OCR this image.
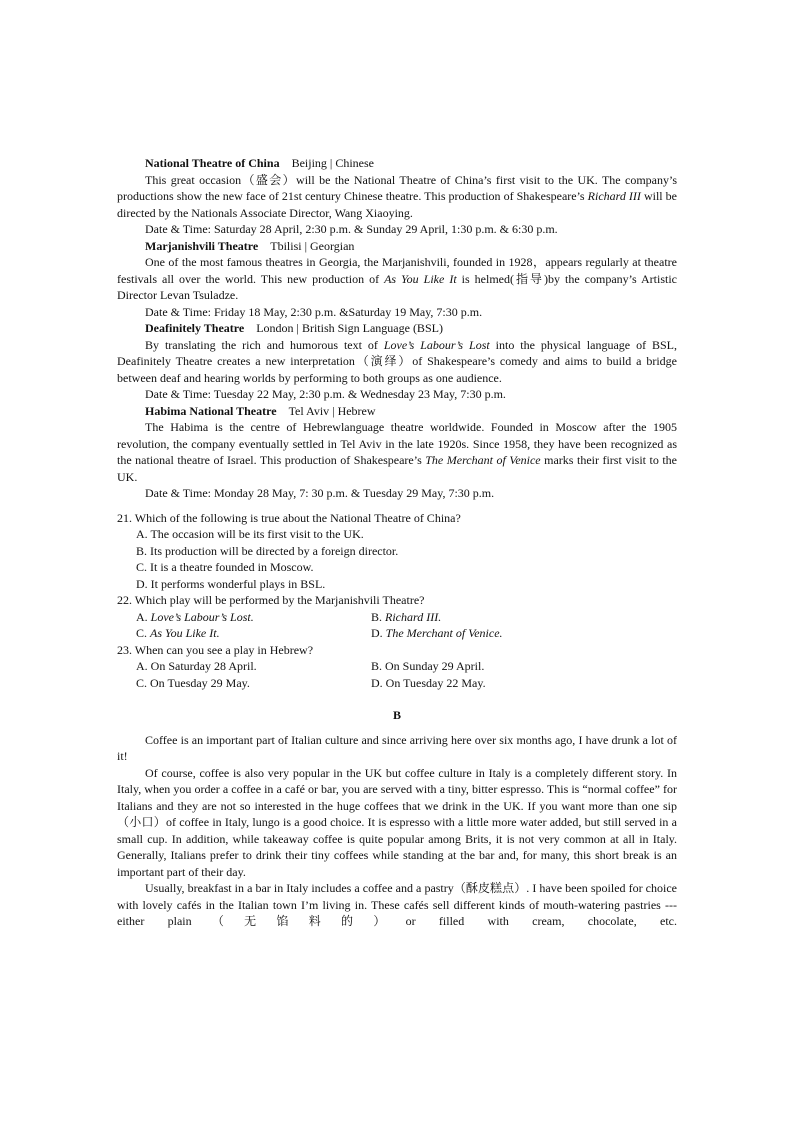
National Theatre of China Beijing | Chinese

This great occasion（盛会）will be the National Theatre of China’s first visit to the UK. The company’s productions show the new face of 21st century Chinese theatre. This production of Shakespeare’s Richard III will be directed by the Nationals Associate Director, Wang Xiaoying.

Date & Time: Saturday 28 April, 2:30 p.m. & Sunday 29 April, 1:30 p.m. & 6:30 p.m.

Marjanishvili Theatre Tbilisi | Georgian

One of the most famous theatres in Georgia, the Marjanishvili, founded in 1928，appears regularly at theatre festivals all over the world. This new production of As You Like It is helmed(指导)by the company’s Artistic Director Levan Tsuladze.

Date & Time: Friday 18 May, 2:30 p.m. &Saturday 19 May, 7:30 p.m.

Deafinitely Theatre London | British Sign Language (BSL)

By translating the rich and humorous text of Love’s Labour’s Lost into the physical language of BSL, Deafinitely Theatre creates a new interpretation（演绎）of Shakespeare’s comedy and aims to build a bridge between deaf and hearing worlds by performing to both groups as one audience.

Date & Time: Tuesday 22 May, 2:30 p.m. & Wednesday 23 May, 7:30 p.m.

Habima National Theatre Tel Aviv | Hebrew

The Habima is the centre of Hebrewlanguage theatre worldwide. Founded in Moscow after the 1905 revolution, the company eventually settled in Tel Aviv in the late 1920s. Since 1958, they have been recognized as the national theatre of Israel. This production of Shakespeare’s The Merchant of Venice marks their first visit to the UK.

Date & Time: Monday 28 May, 7: 30 p.m. & Tuesday 29 May, 7:30 p.m.

21. Which of the following is true about the National Theatre of China?

A. The occasion will be its first visit to the UK.

B. Its production will be directed by a foreign director.

C. It is a theatre founded in Moscow.

D. It performs wonderful plays in BSL.

22. Which play will be performed by the Marjanishvili Theatre?

A. Love’s Labour’s Lost.	B. Richard III.
C. As You Like It.	D. The Merchant of Venice.

23. When can you see a play in Hebrew?

A. On Saturday 28 April.	B. On Sunday 29 April.
C. On Tuesday 29 May.	D. On Tuesday 22 May.
B

Coffee is an important part of Italian culture and since arriving here over six months ago, I have drunk a lot of it!

Of course, coffee is also very popular in the UK but coffee culture in Italy is a completely different story. In Italy, when you order a coffee in a café or bar, you are served with a tiny, bitter espresso. This is “normal coffee” for Italians and they are not so interested in the huge coffees that we drink in the UK. If you want more than one sip（小口）of coffee in Italy, lungo is a good choice. It is espresso with a little more water added, but still served in a small cup. In addition, while takeaway coffee is quite popular among Brits, it is not very common at all in Italy. Generally, Italians prefer to drink their tiny coffees while standing at the bar and, for many, this short break is an important part of their day.

Usually, breakfast in a bar in Italy includes a coffee and a pastry（酥皮糕点）. I have been spoiled for choice with lovely cafés in the Italian town I’m living in. These cafés sell different kinds of mouth-watering pastries --- either plain（无馅料的）or filled with cream, chocolate, etc.
